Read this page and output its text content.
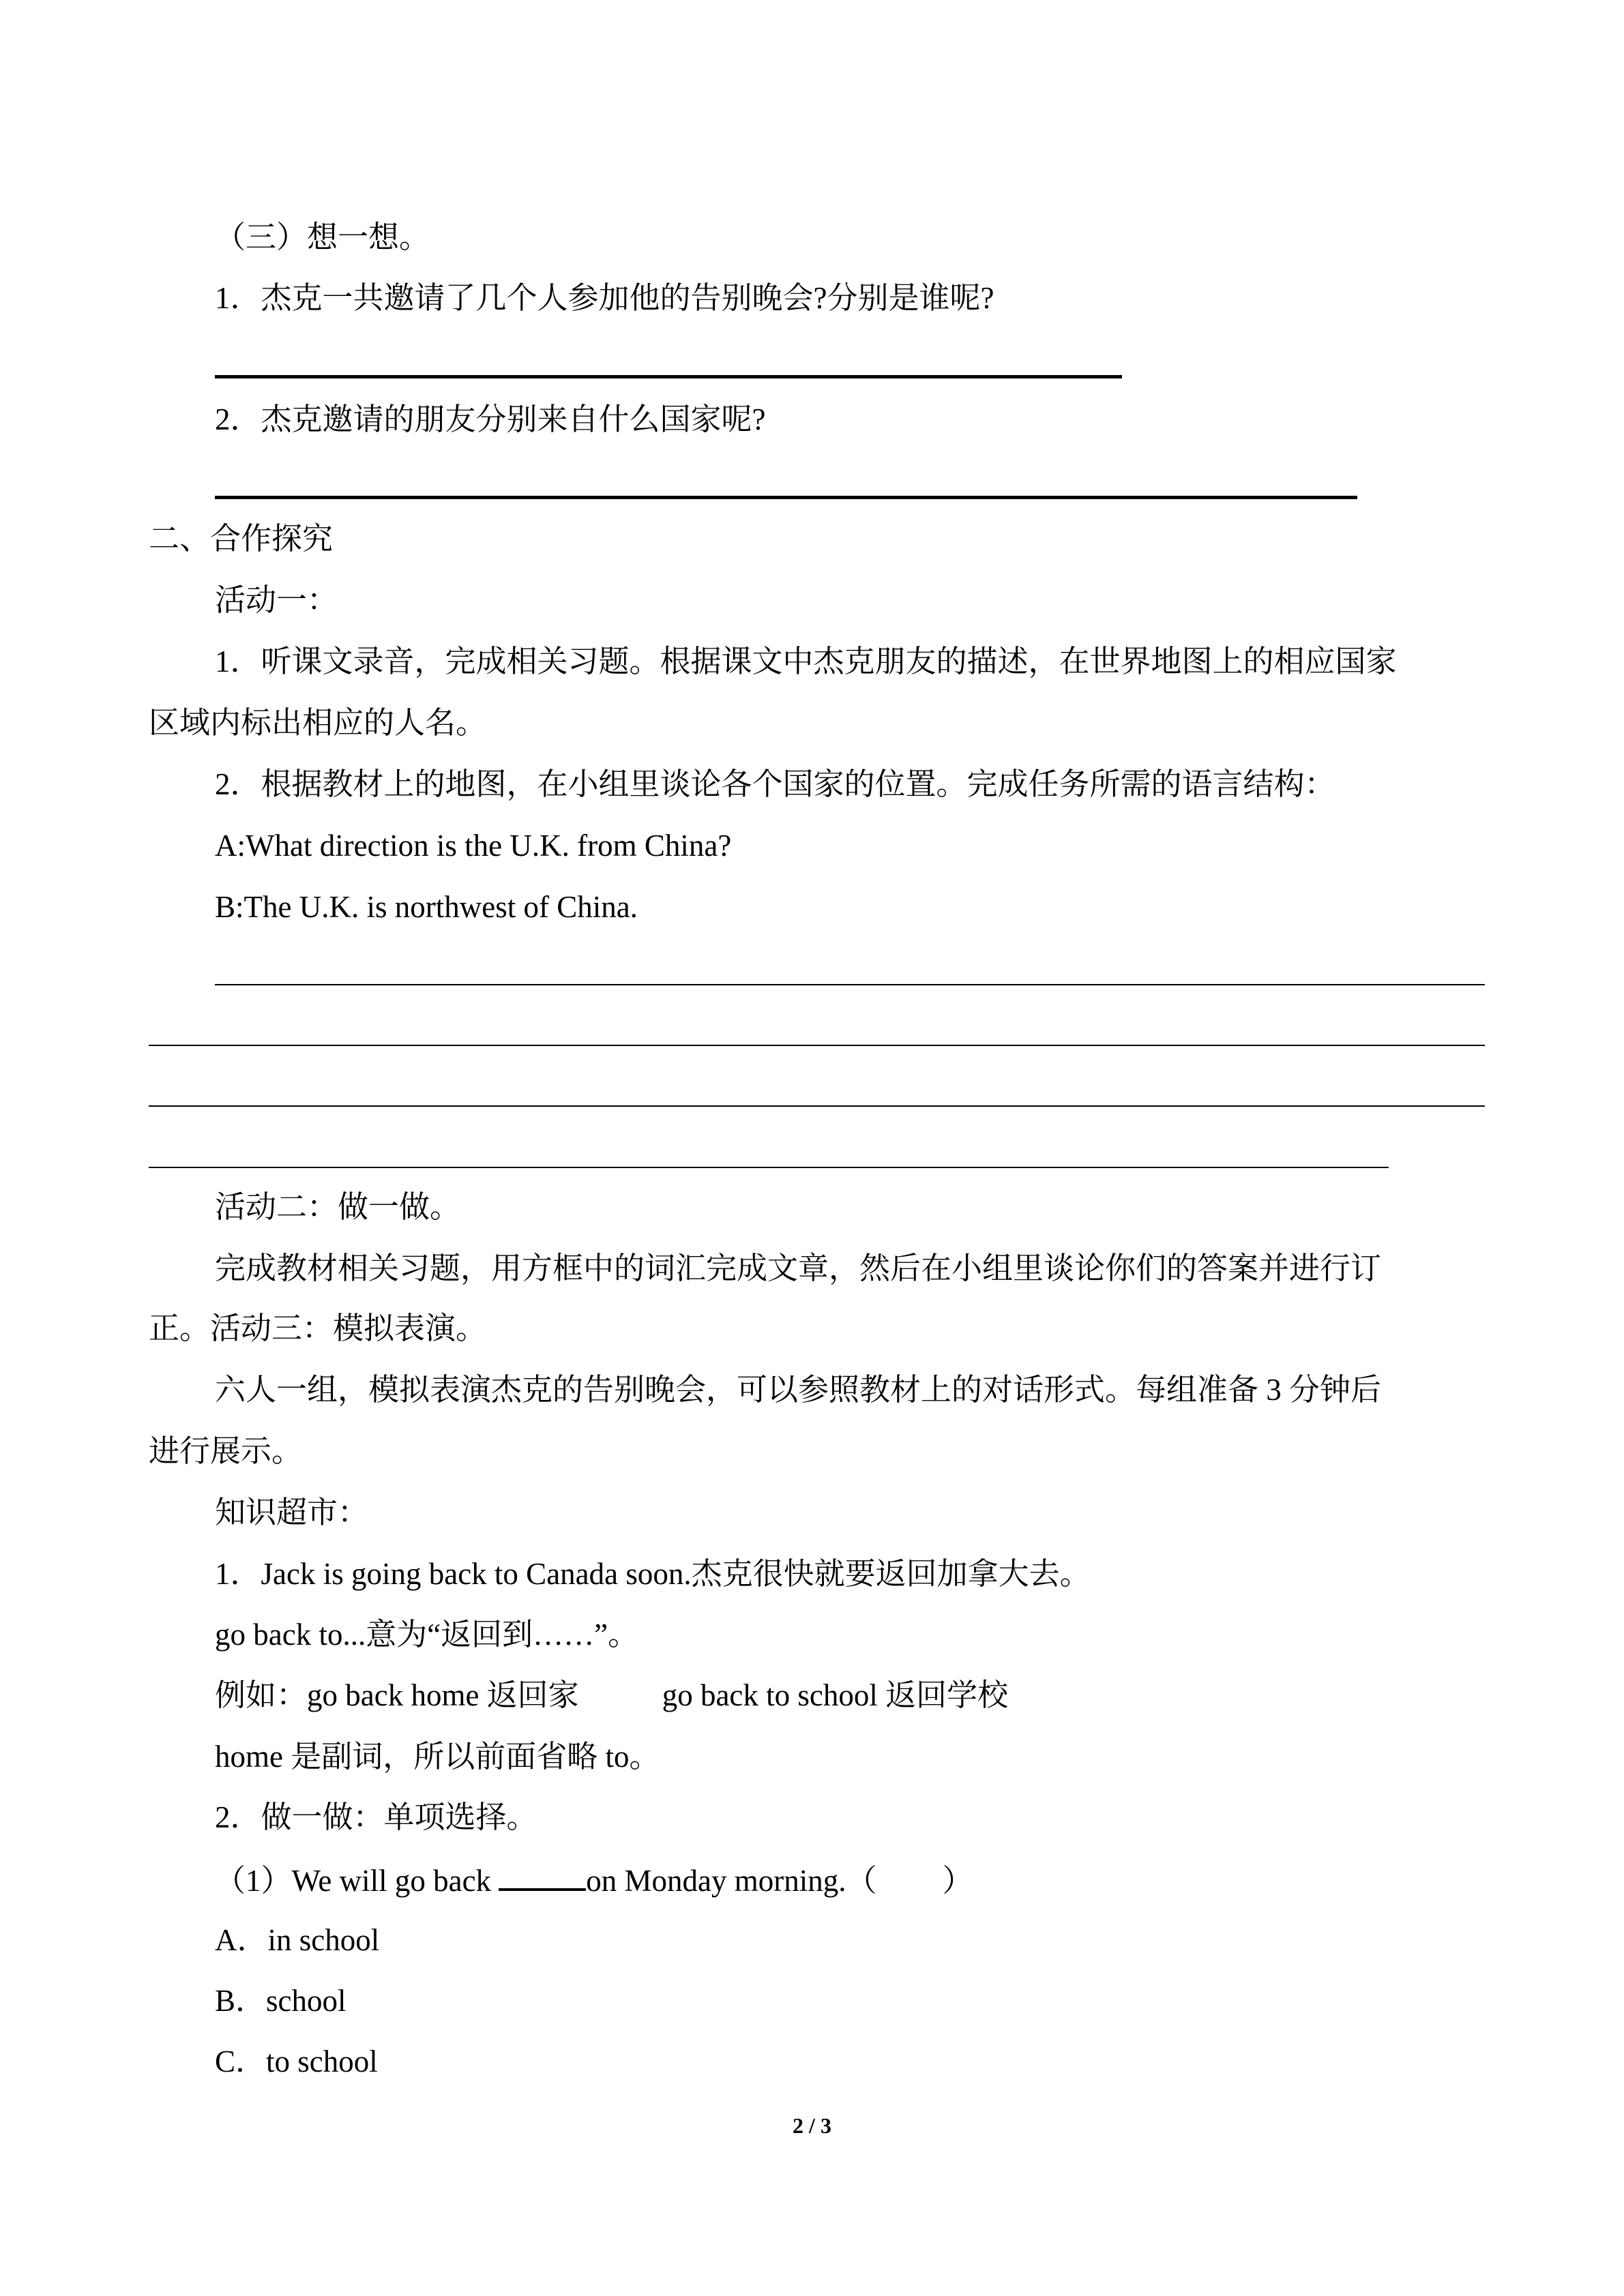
（三）想一想。
1．杰克一共邀请了几个人参加他的告别晚会?分别是谁呢?
2．杰克邀请的朋友分别来自什么国家呢?
二、合作探究
活动一：
1．听课文录音，完成相关习题。根据课文中杰克朋友的描述，在世界地图上的相应国家
区域内标出相应的人名。
2．根据教材上的地图，在小组里谈论各个国家的位置。完成任务所需的语言结构：
A:What direction is the U.K. from China?
B:The U.K. is northwest of China.
活动二：做一做。
完成教材相关习题，用方框中的词汇完成文章，然后在小组里谈论你们的答案并进行订
正。活动三：模拟表演。
六人一组，模拟表演杰克的告别晚会，可以参照教材上的对话形式。每组准备 3 分钟后
进行展示。
知识超市：
1．Jack is going back to Canada soon.杰克很快就要返回加拿大去。
go back to...意为“返回到……”。
例如：go back home 返回家	go back to school 返回学校
home 是副词，所以前面省略 to。
2．做一做：单项选择。
（1）We will go back	on Monday morning.（ ）
A．in school
B．school
C．to school
2 / 3
